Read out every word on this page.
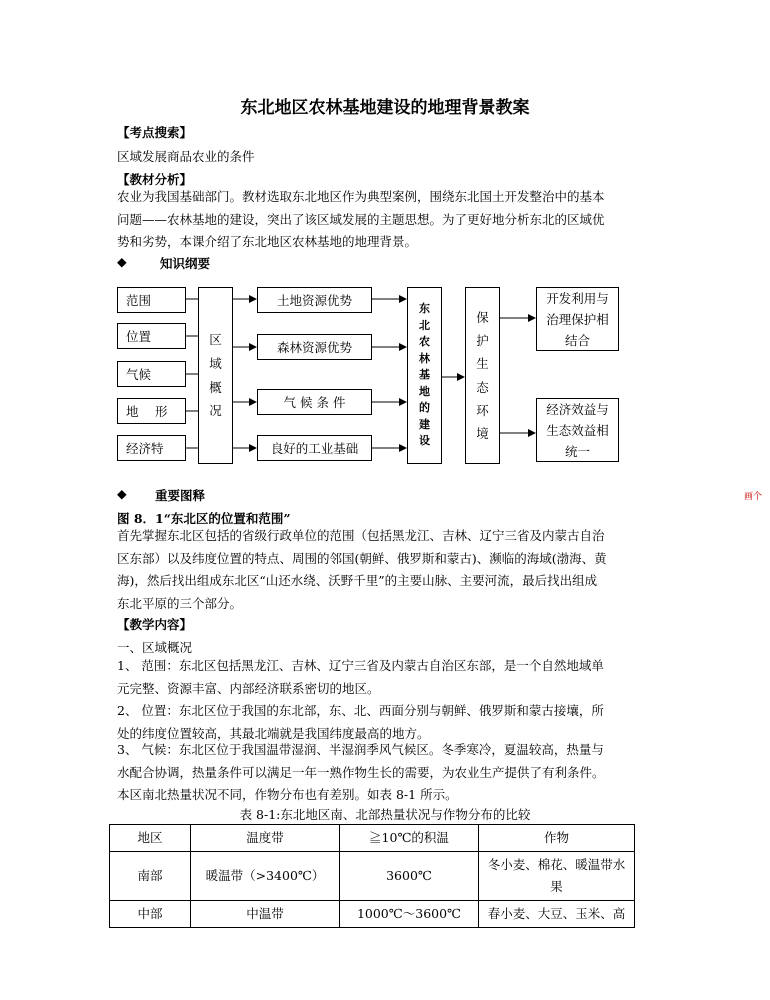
东北地区农林基地建设的地理背景教案
【考点搜索】
区域发展商品农业的条件
【教材分析】

农业为我国基础部门。教材选取东北地区作为典型案例，围绕东北国土开发整治中的基本

问题——农林基地的建设，突出了该区域发展的主题思想。为了更好地分析东北的区域优

势和劣势，本课介绍了东北地区农林基地的地理背景。

◆	知识纲要
范围
位置
气候
地　 形
经济特
区
域
概
况
土地资源优势
森林资源优势
气 候 条 件
良好的工业基础
东
北
农
林
基
地
的
建
设
保
护
生
态
环
境
开发利用与治理保护相结合
经济效益与生态效益相统一
◆ 重要图释	画个
图 8．1“东北区的位置和范围”

首先掌握东北区包括的省级行政单位的范围（包括黑龙江、吉林、辽宁三省及内蒙古自治

区东部）以及纬度位置的特点、周围的邻国(朝鲜、俄罗斯和蒙古)、濒临的海域(渤海、黄

海)，然后找出组成东北区“山还水绕、沃野千里”的主要山脉、主要河流，最后找出组成

东北平原的三个部分。

【教学内容】
一、区域概况

1、 范围：东北区包括黑龙江、吉林、辽宁三省及内蒙古自治区东部，是一个自然地域单

元完整、资源丰富、内部经济联系密切的地区。

2、 位置：东北区位于我国的东北部，东、北、西面分别与朝鲜、俄罗斯和蒙古接壤，所

处的纬度位置较高，其最北端就是我国纬度最高的地方。

3、 气候：东北区位于我国温带湿润、半湿润季风气候区。冬季寒冷，夏温较高，热量与

水配合协调，热量条件可以满足一年一熟作物生长的需要，为农业生产提供了有利条件。

本区南北热量状况不同，作物分布也有差别。如表 8-1 所示。

表 8-1:东北地区南、北部热量状况与作物分布的比较
地区	温度带	≧10℃的积温	作物
南部	暖温带（>3400℃）	3600℃	冬小麦、棉花、暖温带水果
中部	中温带	1000℃～3600℃	春小麦、大豆、玉米、高
